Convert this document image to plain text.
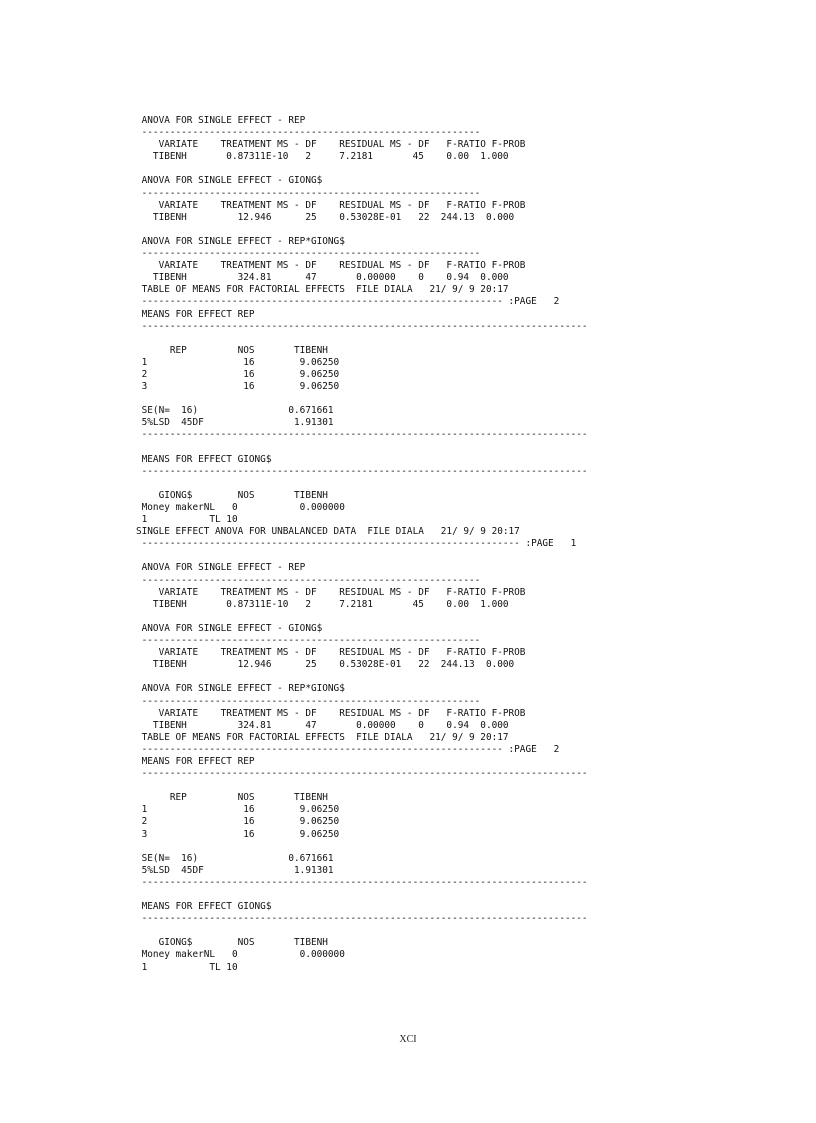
ANOVA FOR SINGLE EFFECT - REP
------------------------------------------------------------
VARIATE    TREATMENT MS - DF    RESIDUAL MS - DF   F-RATIO F-PROB
TIBENH       0.87311E-10   2     7.2181       45    0.00  1.000

ANOVA FOR SINGLE EFFECT - GIONG$
------------------------------------------------------------
VARIATE    TREATMENT MS - DF    RESIDUAL MS - DF   F-RATIO F-PROB
TIBENH         12.946      25    0.53028E-01   22  244.13  0.000

ANOVA FOR SINGLE EFFECT - REP*GIONG$
------------------------------------------------------------
VARIATE    TREATMENT MS - DF    RESIDUAL MS - DF   F-RATIO F-PROB
TIBENH         324.81      47       0.00000    0    0.94  0.000
TABLE OF MEANS FOR FACTORIAL EFFECTS  FILE DIALA   21/ 9/ 9 20:17
---------------------------------------------------------------- :PAGE   2
MEANS FOR EFFECT REP
-------------------------------------------------------------------------------

REP         NOS       TIBENH
1                 16        9.06250
2                 16        9.06250
3                 16        9.06250

SE(N=  16)                0.671661
5%LSD  45DF                1.91301
-------------------------------------------------------------------------------

MEANS FOR EFFECT GIONG$
-------------------------------------------------------------------------------

GIONG$        NOS       TIBENH
Money makerNL   0           0.000000
1           TL 10
SINGLE EFFECT ANOVA FOR UNBALANCED DATA  FILE DIALA   21/ 9/ 9 20:17
------------------------------------------------------------------- :PAGE   1

ANOVA FOR SINGLE EFFECT - REP
------------------------------------------------------------
VARIATE    TREATMENT MS - DF    RESIDUAL MS - DF   F-RATIO F-PROB
TIBENH       0.87311E-10   2     7.2181       45    0.00  1.000

ANOVA FOR SINGLE EFFECT - GIONG$
------------------------------------------------------------
VARIATE    TREATMENT MS - DF    RESIDUAL MS - DF   F-RATIO F-PROB
TIBENH         12.946      25    0.53028E-01   22  244.13  0.000

ANOVA FOR SINGLE EFFECT - REP*GIONG$
------------------------------------------------------------
VARIATE    TREATMENT MS - DF    RESIDUAL MS - DF   F-RATIO F-PROB
TIBENH         324.81      47       0.00000    0    0.94  0.000
TABLE OF MEANS FOR FACTORIAL EFFECTS  FILE DIALA   21/ 9/ 9 20:17
---------------------------------------------------------------- :PAGE   2
MEANS FOR EFFECT REP
-------------------------------------------------------------------------------

REP         NOS       TIBENH
1                 16        9.06250
2                 16        9.06250
3                 16        9.06250

SE(N=  16)                0.671661
5%LSD  45DF                1.91301
-------------------------------------------------------------------------------

MEANS FOR EFFECT GIONG$
-------------------------------------------------------------------------------

GIONG$        NOS       TIBENH
Money makerNL   0           0.000000
1           TL 10

XCI
